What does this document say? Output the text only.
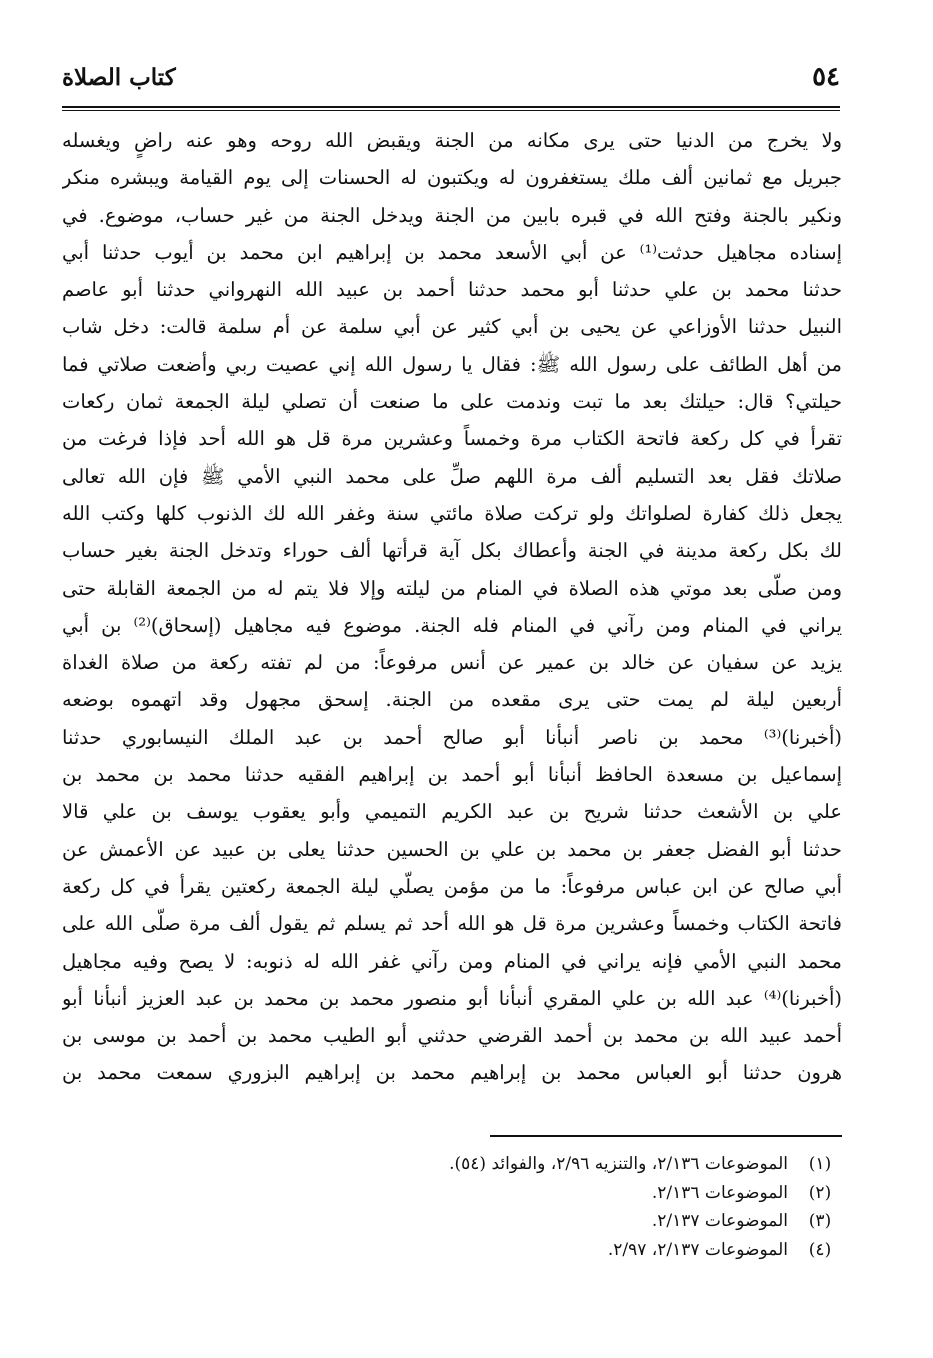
٥٤
كتاب الصلاة
ولا يخرج من الدنيا حتى يرى مكانه من الجنة ويقبض الله روحه وهو عنه راضٍ ويغسله
جبريل مع ثمانين ألف ملك يستغفرون له ويكتبون له الحسنات إلى يوم القيامة ويبشره منكر
ونكير بالجنة وفتح الله في قبره بابين من الجنة ويدخل الجنة من غير حساب، موضوع. في
إسناده مجاهيل حدثت⁽¹⁾ عن أبي الأسعد محمد بن إبراهيم ابن محمد بن أيوب حدثنا أبي
حدثنا محمد بن علي حدثنا أبو محمد حدثنا أحمد بن عبيد الله النهرواني حدثنا أبو عاصم
النبيل حدثنا الأوزاعي عن يحيى بن أبي كثير عن أبي سلمة عن أم سلمة قالت: دخل شاب
من أهل الطائف على رسول الله ﷺ: فقال يا رسول الله إني عصيت ربي وأضعت صلاتي فما
حيلتي؟ قال: حيلتك بعد ما تبت وندمت على ما صنعت أن تصلي ليلة الجمعة ثمان ركعات
تقرأ في كل ركعة فاتحة الكتاب مرة وخمساً وعشرين مرة قل هو الله أحد فإذا فرغت من
صلاتك فقل بعد التسليم ألف مرة اللهم صلِّ على محمد النبي الأمي ﷺ فإن الله تعالى
يجعل ذلك كفارة لصلواتك ولو تركت صلاة مائتي سنة وغفر الله لك الذنوب كلها وكتب الله
لك بكل ركعة مدينة في الجنة وأعطاك بكل آية قرأتها ألف حوراء وتدخل الجنة بغير حساب
ومن صلّى بعد موتي هذه الصلاة في المنام من ليلته وإلا فلا يتم له من الجمعة القابلة حتى
يراني في المنام ومن رآني في المنام فله الجنة. موضوع فيه مجاهيل (إسحاق)⁽²⁾ بن أبي
يزيد عن سفيان عن خالد بن عمير عن أنس مرفوعاً: من لم تفته ركعة من صلاة الغداة
أربعين ليلة لم يمت حتى يرى مقعده من الجنة. إسحق مجهول وقد اتهموه بوضعه
(أخبرنا)⁽³⁾ محمد بن ناصر أنبأنا أبو صالح أحمد بن عبد الملك النيسابوري حدثنا
إسماعيل بن مسعدة الحافظ أنبأنا أبو أحمد بن إبراهيم الفقيه حدثنا محمد بن محمد بن
علي بن الأشعث حدثنا شريح بن عبد الكريم التميمي وأبو يعقوب يوسف بن علي قالا
حدثنا أبو الفضل جعفر بن محمد بن علي بن الحسين حدثنا يعلى بن عبيد عن الأعمش عن
أبي صالح عن ابن عباس مرفوعاً: ما من مؤمن يصلّي ليلة الجمعة ركعتين يقرأ في كل ركعة
فاتحة الكتاب وخمساً وعشرين مرة قل هو الله أحد ثم يسلم ثم يقول ألف مرة صلّى الله على
محمد النبي الأمي فإنه يراني في المنام ومن رآني غفر الله له ذنوبه: لا يصح وفيه مجاهيل
(أخبرنا)⁽⁴⁾ عبد الله بن علي المقري أنبأنا أبو منصور محمد بن محمد بن عبد العزيز أنبأنا أبو
أحمد عبيد الله بن محمد بن أحمد القرضي حدثني أبو الطيب محمد بن أحمد بن موسى بن
هرون حدثنا أبو العباس محمد بن إبراهيم محمد بن إبراهيم البزوري سمعت محمد بن
(١)
الموضوعات ٢/١٣٦، والتنزيه ٢/٩٦، والفوائد (٥٤).
(٢)
الموضوعات ٢/١٣٦.
(٣)
الموضوعات ٢/١٣٧.
(٤)
الموضوعات ٢/١٣٧، ٢/٩٧.
